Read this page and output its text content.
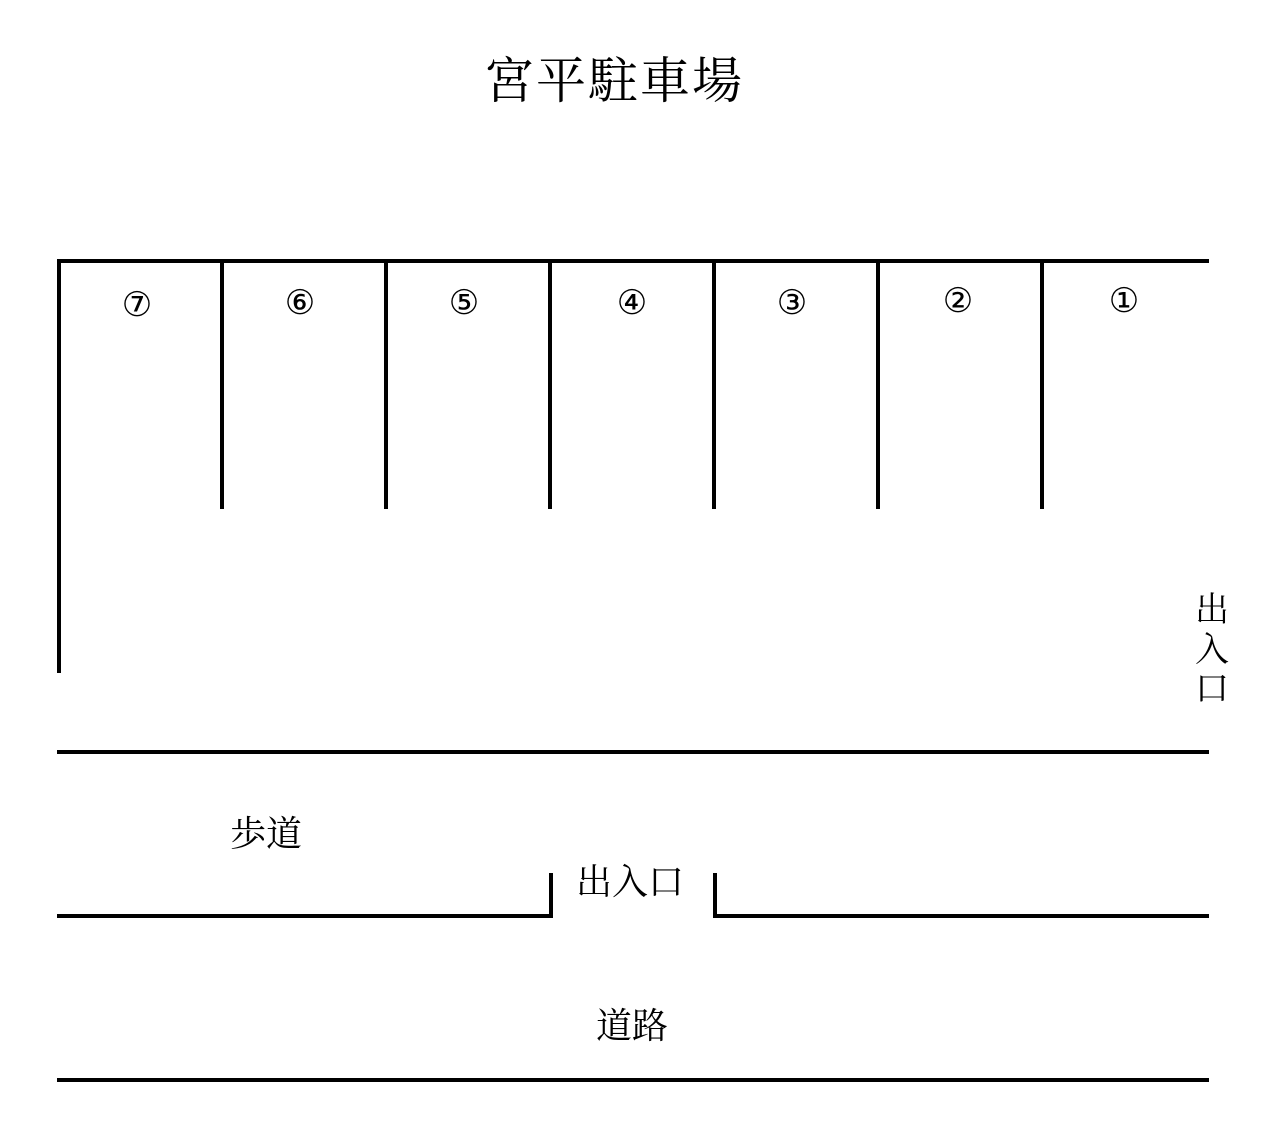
宮平駐車場
①
②
③
④
⑤
⑥
⑦
出
入
口
歩道
出入口
道路
